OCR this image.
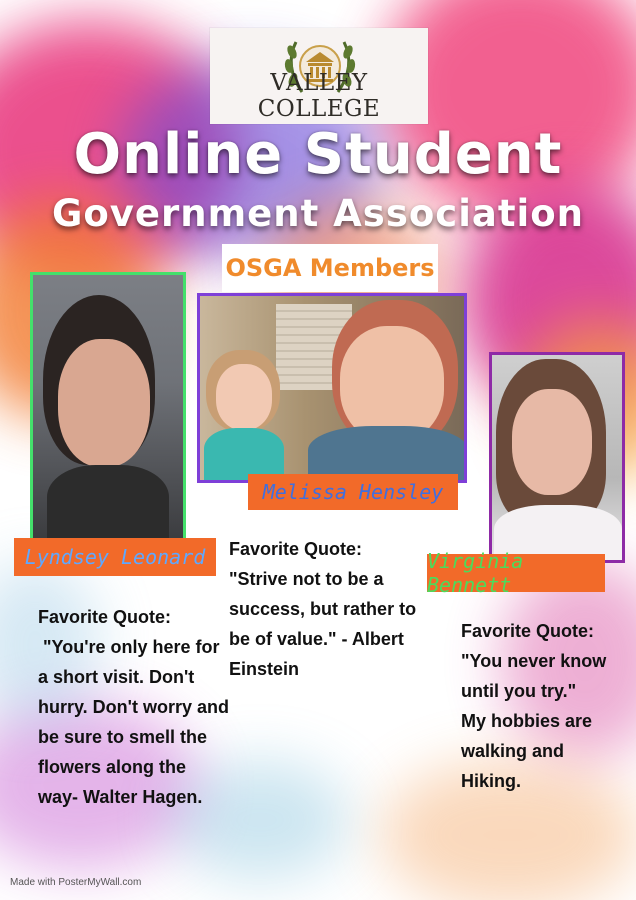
VALLEY COLLEGE
Online Student
Government Association
OSGA Members
Lyndsey Leonard
Melissa Hensley
Virginia Bennett

Favorite Quote:

"You're only here for

a short visit. Don't

hurry. Don't worry and

be sure to smell the

flowers along the

way- Walter Hagen.

Favorite Quote:

"Strive not to be a

success, but rather to

be of value." - Albert

Einstein

Favorite Quote:

"You never know

until you try."

My hobbies are

walking and

Hiking.

Made with PosterMyWall.com
